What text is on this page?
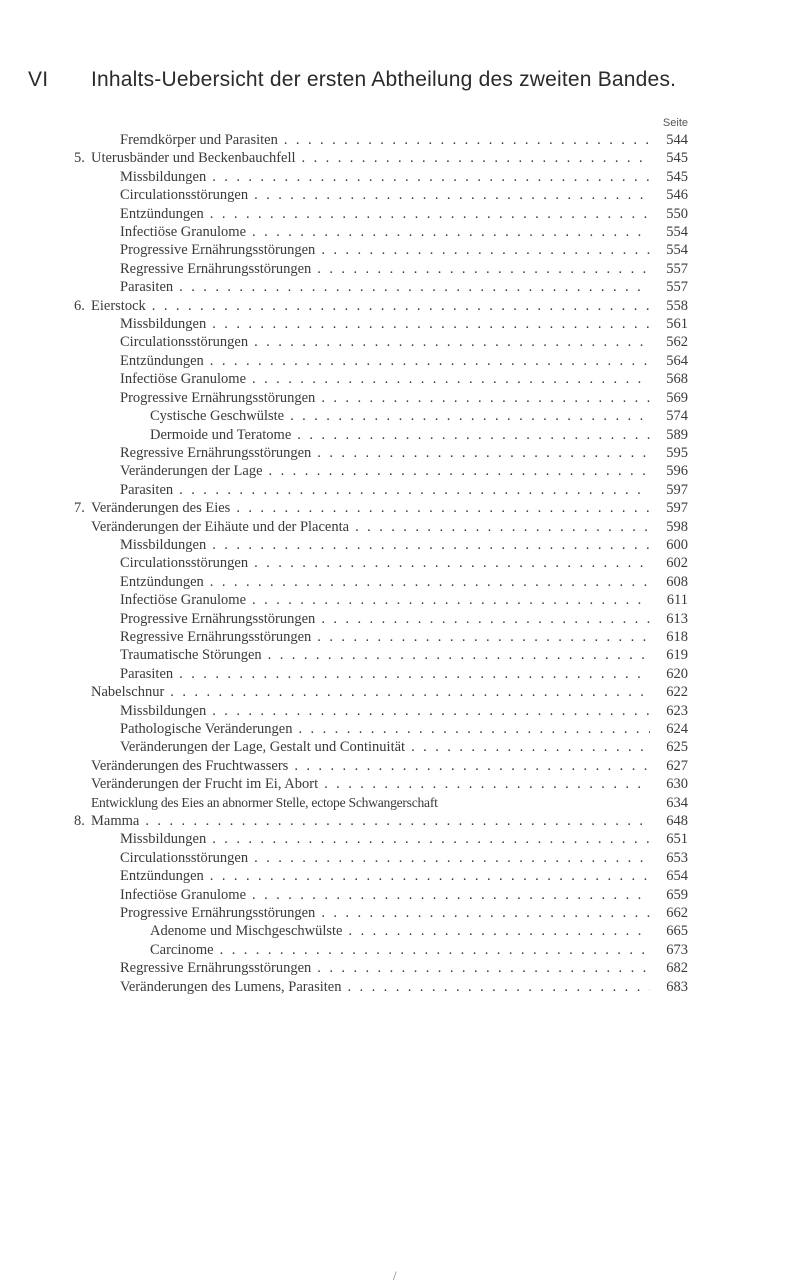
VI Inhalts-Uebersicht der ersten Abtheilung des zweiten Bandes.
Seite
Fremdkörper und Parasiten . . .	544
5. Uterusbänder und Beckenbauchfell . . .	545
Missbildungen . . .	545
Circulationsstörungen . . .	546
Entzündungen . . .	550
Infectiöse Granulome . . .	554
Progressive Ernährungsstörungen . . .	554
Regressive Ernährungsstörungen . . .	557
Parasiten . . .	557
6. Eierstock . . .	558
Missbildungen . . .	561
Circulationsstörungen . . .	562
Entzündungen . . .	564
Infectiöse Granulome . . .	568
Progressive Ernährungsstörungen . . .	569
Cystische Geschwülste . . .	574
Dermoide und Teratome . . .	589
Regressive Ernährungsstörungen . . .	595
Veränderungen der Lage . . .	596
Parasiten . . .	597
7. Veränderungen des Eies . . .	597
Veränderungen der Eihäute und der Placenta . . .	598
Missbildungen . . .	600
Circulationsstörungen . . .	602
Entzündungen . . .	608
Infectiöse Granulome . . .	611
Progressive Ernährungsstörungen . . .	613
Regressive Ernährungsstörungen . . .	618
Traumatische Störungen . . .	619
Parasiten . . .	620
Nabelschnur . . .	622
Missbildungen . . .	623
Pathologische Veränderungen . . .	624
Veränderungen der Lage, Gestalt und Continuität . . .	625
Veränderungen des Fruchtwassers . . .	627
Veränderungen der Frucht im Ei, Abort . . .	630
Entwicklung des Eies an abnormer Stelle, ectope Schwangerschaft	634
8. Mamma . . .	648
Missbildungen . . .	651
Circulationsstörungen . . .	653
Entzündungen . . .	654
Infectiöse Granulome . . .	659
Progressive Ernährungsstörungen . . .	662
Adenome und Mischgeschwülste . . .	665
Carcinome . . .	673
Regressive Ernährungsstörungen . . .	682
Veränderungen des Lumens, Parasiten . . .	683
/
